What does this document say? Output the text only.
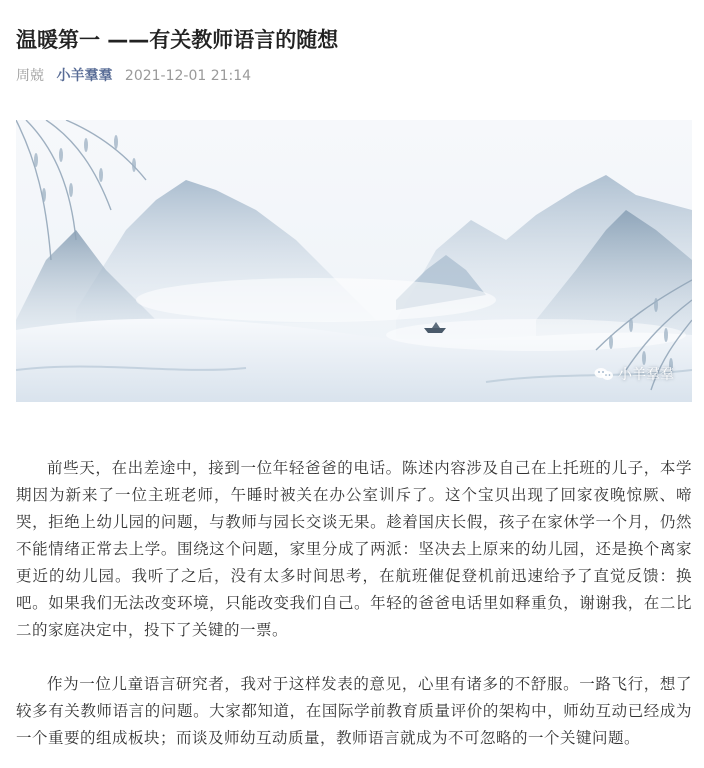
温暖第一 ——有关教师语言的随想
周兢 小羊羣羣 2021-12-01 21:14
小羊羣羣

前些天，在出差途中，接到一位年轻爸爸的电话。陈述内容涉及自己在上托班的儿子，本学期因为新来了一位主班老师，午睡时被关在办公室训斥了。这个宝贝出现了回家夜晚惊厥、啼哭，拒绝上幼儿园的问题，与教师与园长交谈无果。趁着国庆长假，孩子在家休学一个月，仍然不能情绪正常去上学。围绕这个问题，家里分成了两派：坚决去上原来的幼儿园，还是换个离家更近的幼儿园。我听了之后，没有太多时间思考，在航班催促登机前迅速给予了直觉反馈：换吧。如果我们无法改变环境，只能改变我们自己。年轻的爸爸电话里如释重负，谢谢我，在二比二的家庭决定中，投下了关键的一票。

作为一位儿童语言研究者，我对于这样发表的意见，心里有诸多的不舒服。一路飞行，想了较多有关教师语言的问题。大家都知道，在国际学前教育质量评价的架构中，师幼互动已经成为一个重要的组成板块；而谈及师幼互动质量，教师语言就成为不可忽略的一个关键问题。
